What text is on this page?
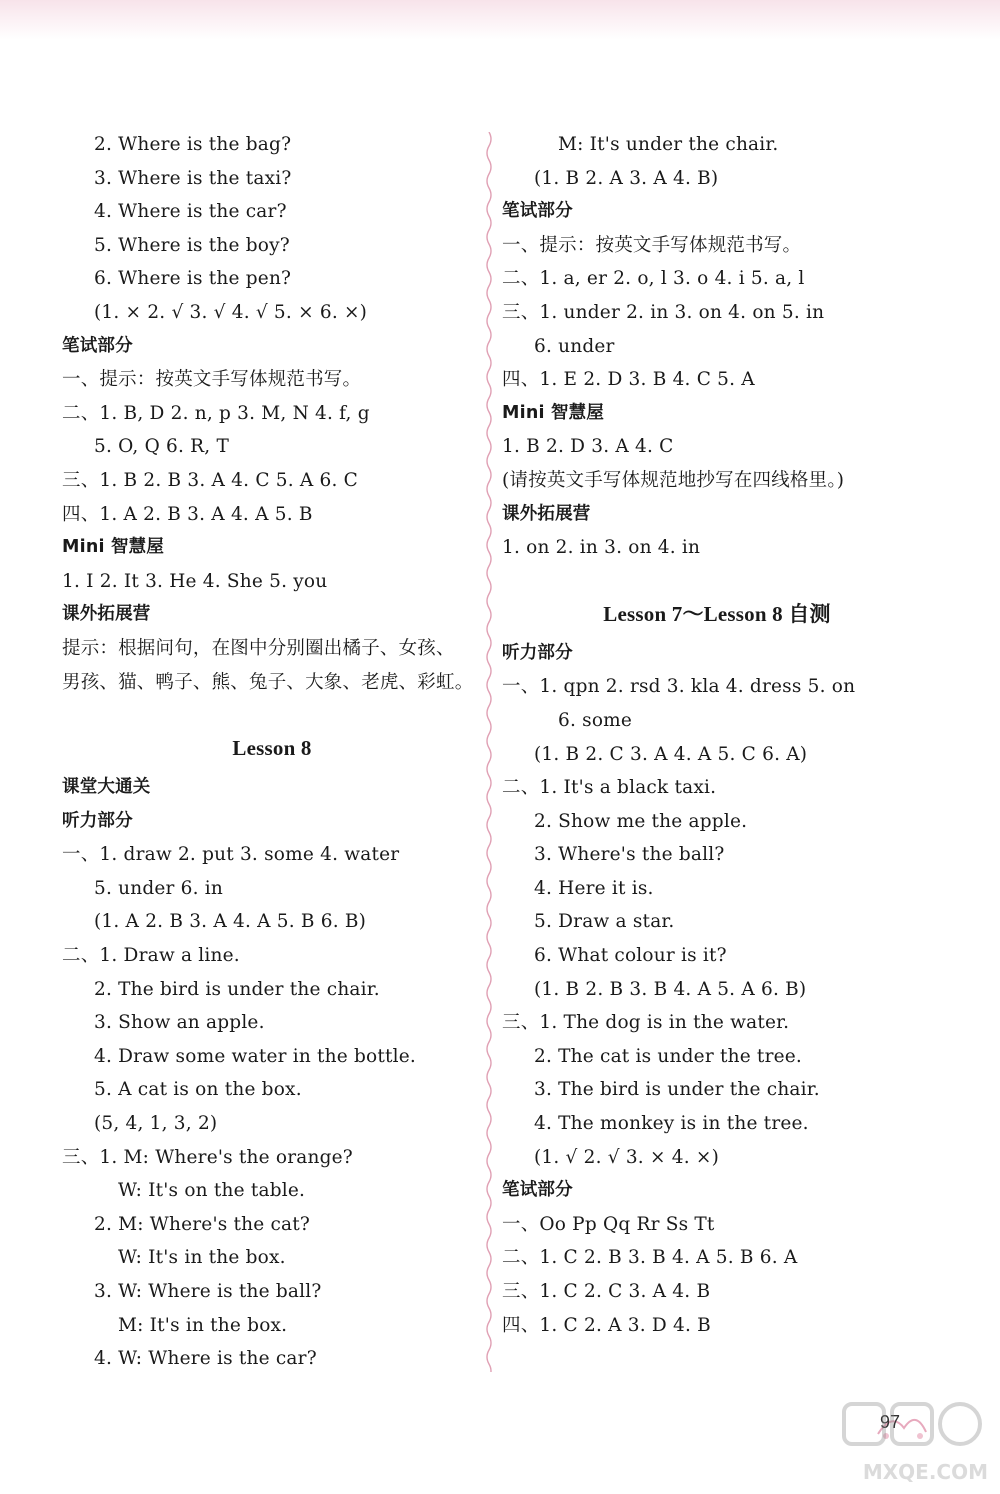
2. Where is the bag?
3. Where is the taxi?
4. Where is the car?
5. Where is the boy?
6. Where is the pen?
(1. × 2. √ 3. √ 4. √ 5. × 6. ×)
笔试部分
一、提示：按英文手写体规范书写。
二、1. B, D 2. n, p 3. M, N 4. f, g
5. O, Q 6. R, T
三、1. B 2. B 3. A 4. C 5. A 6. C
四、1. A 2. B 3. A 4. A 5. B
Mini 智慧屋
1. I 2. It 3. He 4. She 5. you
课外拓展营
提示：根据问句，在图中分别圈出橘子、女孩、
男孩、猫、鸭子、熊、兔子、大象、老虎、彩虹。
Lesson 8
课堂大通关
听力部分
一、1. draw 2. put 3. some 4. water
5. under 6. in
(1. A 2. B 3. A 4. A 5. B 6. B)
二、1. Draw a line.
2. The bird is under the chair.
3. Show an apple.
4. Draw some water in the bottle.
5. A cat is on the box.
(5, 4, 1, 3, 2)
三、1. M: Where's the orange?
W: It's on the table.
2. M: Where's the cat?
W: It's in the box.
3. W: Where is the ball?
M: It's in the box.
4. W: Where is the car?
M: It's under the chair.
(1. B 2. A 3. A 4. B)
笔试部分
一、提示：按英文手写体规范书写。
二、1. a, er 2. o, l 3. o 4. i 5. a, l
三、1. under 2. in 3. on 4. on 5. in
6. under
四、1. E 2. D 3. B 4. C 5. A
Mini 智慧屋
1. B 2. D 3. A 4. C
(请按英文手写体规范地抄写在四线格里。)
课外拓展营
1. on 2. in 3. on 4. in
Lesson 7～Lesson 8 自测
听力部分
一、1. qpn 2. rsd 3. kla 4. dress 5. on
6. some
(1. B 2. C 3. A 4. A 5. C 6. A)
二、1. It's a black taxi.
2. Show me the apple.
3. Where's the ball?
4. Here it is.
5. Draw a star.
6. What colour is it?
(1. B 2. B 3. B 4. A 5. A 6. B)
三、1. The dog is in the water.
2. The cat is under the tree.
3. The bird is under the chair.
4. The monkey is in the tree.
(1. √ 2. √ 3. × 4. ×)
笔试部分
一、Oo Pp Qq Rr Ss Tt
二、1. C 2. B 3. B 4. A 5. B 6. A
三、1. C 2. C 3. A 4. B
四、1. C 2. A 3. D 4. B
97
MXQE.COM
